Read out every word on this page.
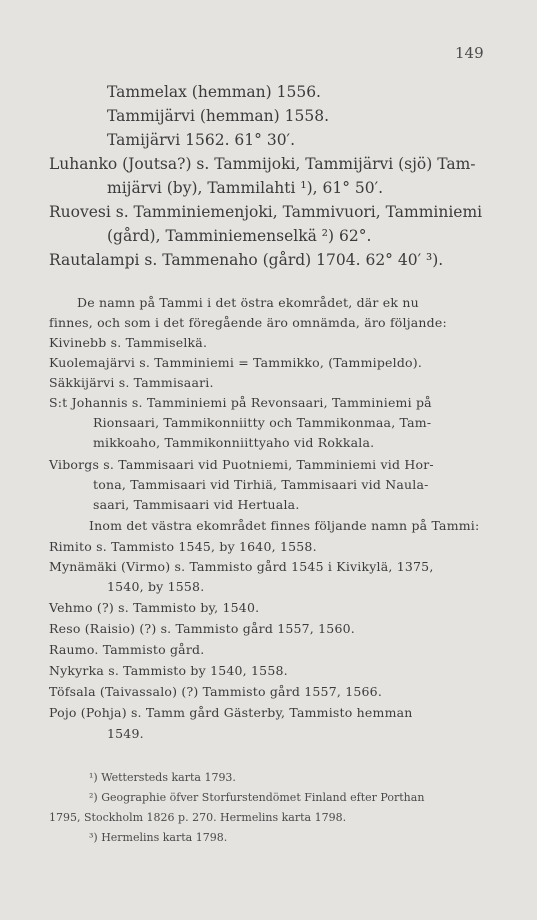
149
Tammelax (hemman) 1556.
Tammijärvi (hemman) 1558.
Tamijärvi 1562. 61° 30′.
Luhanko (Joutsa?) s. Tammijoki, Tammijärvi (sjö) Tam-
mijärvi (by), Tammilahti ¹), 61° 50′.
Ruovesi s. Tamminiemenjoki, Tammivuori, Tamminiemi
(gård), Tamminiemenselkä ²) 62°.
Rautalampi s. Tammenaho (gård) 1704. 62° 40′ ³).
De namn på Tammi i det östra ekområdet, där ek nu
finnes, och som i det föregående äro omnämda, äro följande:
Kivinebb s. Tammiselkä.
Kuolemajärvi s. Tamminiemi = Tammikko, (Tammipeldo).
Säkkijärvi s. Tammisaari.
S:t Johannis s. Tamminiemi på Revonsaari, Tamminiemi på
Rionsaari, Tammikonniitty och Tammikonmaa, Tam-
mikkoaho, Tammikonniittyaho vid Rokkala.
Viborgs s. Tammisaari vid Puotniemi, Tamminiemi vid Hor-
tona, Tammisaari vid Tirhiä, Tammisaari vid Naula-
saari, Tammisaari vid Hertuala.
Inom det västra ekområdet finnes följande namn på Tammi:
Rimito s. Tammisto 1545, by 1640, 1558.
Mynämäki (Virmo) s. Tammisto gård 1545 i Kivikylä, 1375,
1540, by 1558.
Vehmo (?) s. Tammisto by, 1540.
Reso (Raisio) (?) s. Tammisto gård 1557, 1560.
Raumo. Tammisto gård.
Nykyrka s. Tammisto by 1540, 1558.
Töfsala (Taivassalo) (?) Tammisto gård 1557, 1566.
Pojo (Pohja) s. Tamm gård Gästerby, Tammisto hemman
1549.
¹) Wettersteds karta 1793.
²) Geographie öfver Storfurstendömet Finland efter Porthan
1795, Stockholm 1826 p. 270. Hermelins karta 1798.
³) Hermelins karta 1798.
